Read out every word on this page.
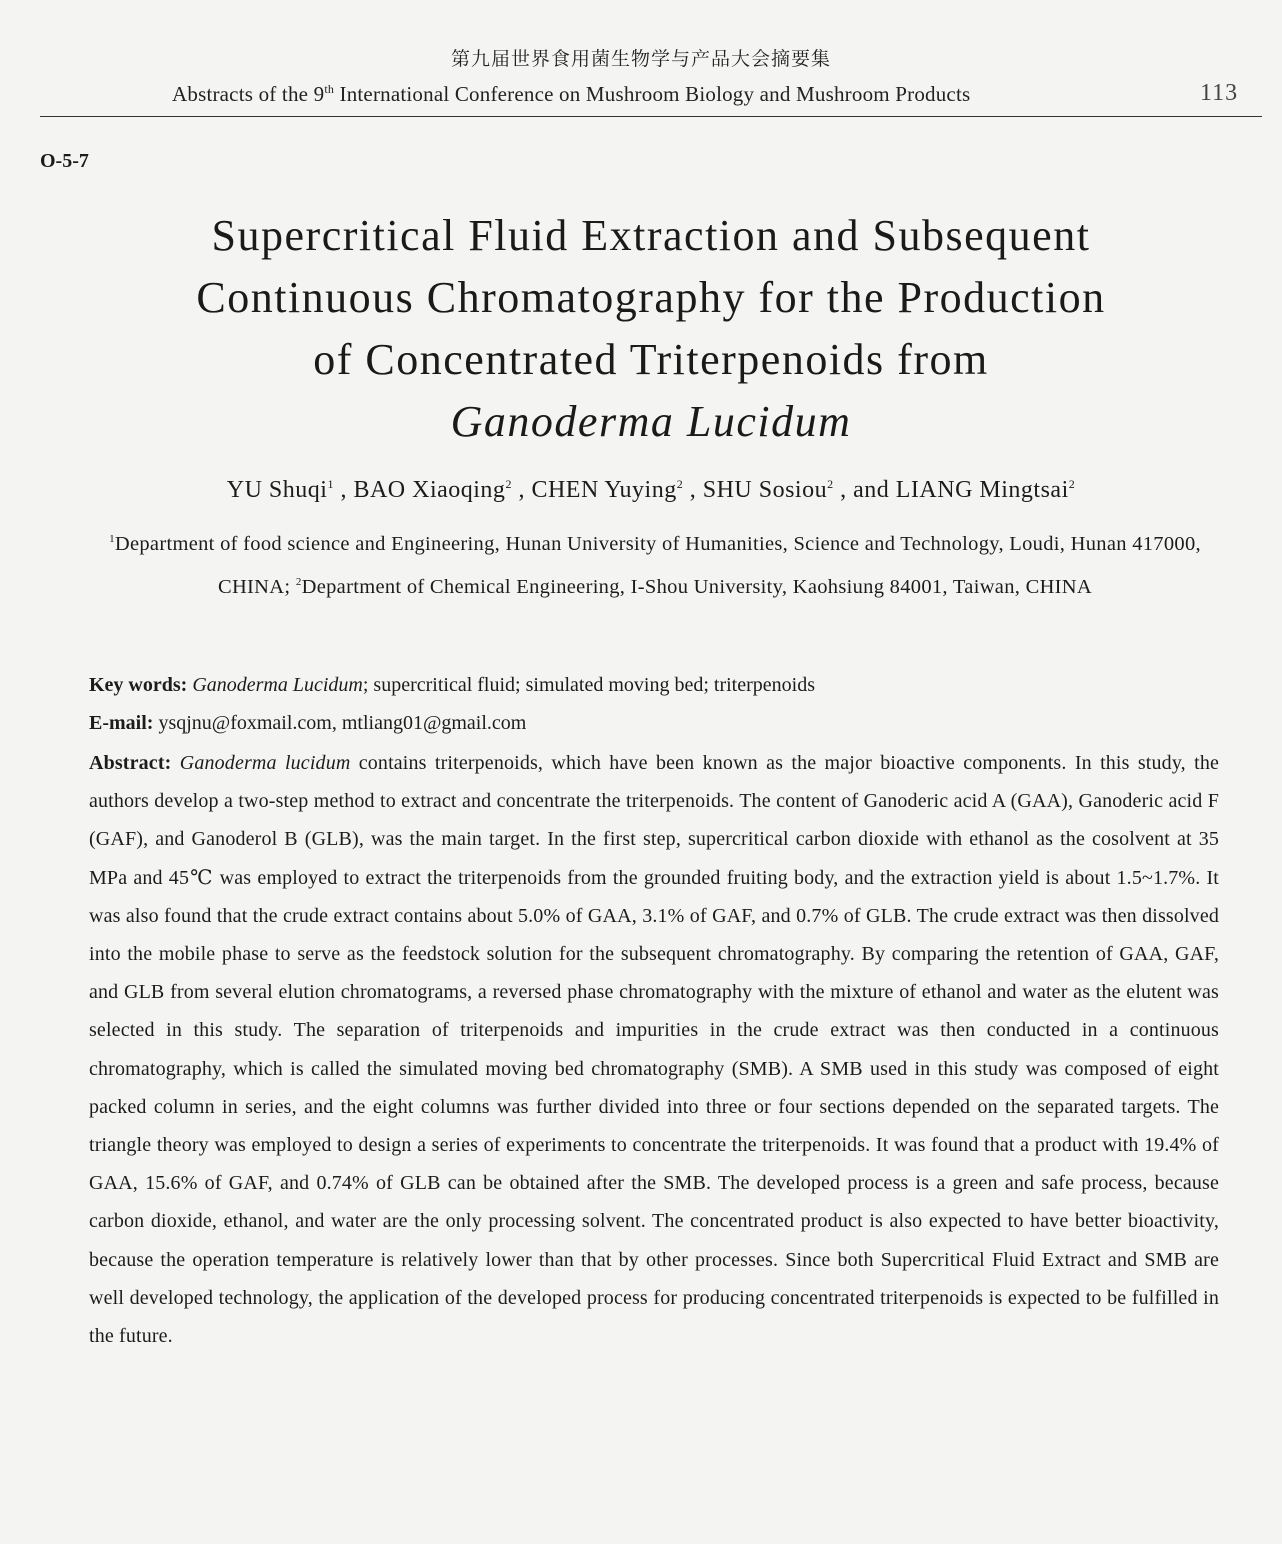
第九届世界食用菌生物学与产品大会摘要集
Abstracts of the 9th International Conference on Mushroom Biology and Mushroom Products	113
O-5-7
Supercritical Fluid Extraction and Subsequent
Continuous Chromatography for the Production
of Concentrated Triterpenoids from
Ganoderma Lucidum
YU Shuqi$^1$ , BAO Xiaoqing$^2$ , CHEN Yuying$^2$ , SHU Sosiou$^2$ , and LIANG Mingtsai$^2$
$^1$Department of food science and Engineering, Hunan University of Humanities, Science and Technology, Loudi, Hunan 417000, CHINA; $^2$Department of Chemical Engineering, I-Shou University, Kaohsiung 84001, Taiwan, CHINA
Key words: Ganoderma Lucidum; supercritical fluid; simulated moving bed; triterpenoids
E-mail: ysqjnu@foxmail.com, mtliang01@gmail.com
Abstract: Ganoderma lucidum contains triterpenoids, which have been known as the major bioactive components. In this study, the authors develop a two-step method to extract and concentrate the triterpenoids. The content of Ganoderic acid A (GAA), Ganoderic acid F (GAF), and Ganoderol B (GLB), was the main target. In the first step, supercritical carbon dioxide with ethanol as the cosolvent at 35 MPa and 45℃ was employed to extract the triterpenoids from the grounded fruiting body, and the extraction yield is about 1.5~1.7%. It was also found that the crude extract contains about 5.0% of GAA, 3.1% of GAF, and 0.7% of GLB. The crude extract was then dissolved into the mobile phase to serve as the feedstock solution for the subsequent chromatography. By comparing the retention of GAA, GAF, and GLB from several elution chromatograms, a reversed phase chromatography with the mixture of ethanol and water as the elutent was selected in this study. The separation of triterpenoids and impurities in the crude extract was then conducted in a continuous chromatography, which is called the simulated moving bed chromatography (SMB). A SMB used in this study was composed of eight packed column in series, and the eight columns was further divided into three or four sections depended on the separated targets. The triangle theory was employed to design a series of experiments to concentrate the triterpenoids. It was found that a product with 19.4% of GAA, 15.6% of GAF, and 0.74% of GLB can be obtained after the SMB. The developed process is a green and safe process, because carbon dioxide, ethanol, and water are the only processing solvent. The concentrated product is also expected to have better bioactivity, because the operation temperature is relatively lower than that by other processes. Since both Supercritical Fluid Extract and SMB are well developed technology, the application of the developed process for producing concentrated triterpenoids is expected to be fulfilled in the future.
